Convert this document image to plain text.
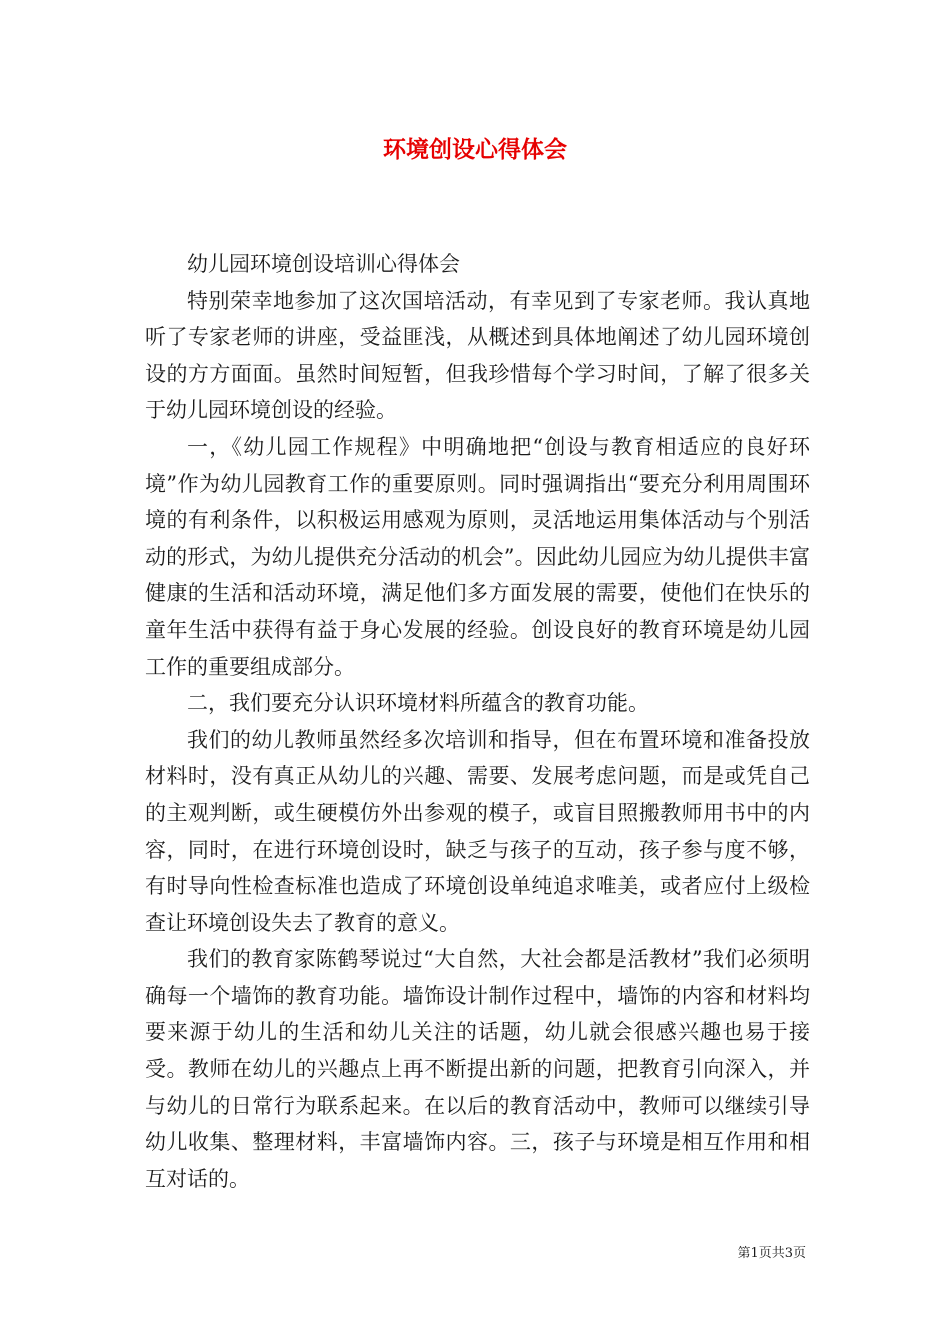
环境创设心得体会

幼儿园环境创设培训心得体会

特别荣幸地参加了这次国培活动，有幸见到了专家老师。我认真地听了专家老师的讲座，受益匪浅，从概述到具体地阐述了幼儿园环境创设的方方面面。虽然时间短暂，但我珍惜每个学习时间，了解了很多关于幼儿园环境创设的经验。

一，《幼儿园工作规程》中明确地把“创设与教育相适应的良好环境”作为幼儿园教育工作的重要原则。同时强调指出“要充分利用周围环境的有利条件，以积极运用感观为原则，灵活地运用集体活动与个别活动的形式，为幼儿提供充分活动的机会”。因此幼儿园应为幼儿提供丰富健康的生活和活动环境，满足他们多方面发展的需要，使他们在快乐的童年生活中获得有益于身心发展的经验。创设良好的教育环境是幼儿园工作的重要组成部分。

二，我们要充分认识环境材料所蕴含的教育功能。

我们的幼儿教师虽然经多次培训和指导，但在布置环境和准备投放材料时，没有真正从幼儿的兴趣、需要、发展考虑问题，而是或凭自己的主观判断，或生硬模仿外出参观的模子，或盲目照搬教师用书中的内容，同时，在进行环境创设时，缺乏与孩子的互动，孩子参与度不够，有时导向性检查标准也造成了环境创设单纯追求唯美，或者应付上级检查让环境创设失去了教育的意义。

我们的教育家陈鹤琴说过“大自然，大社会都是活教材”我们必须明确每一个墙饰的教育功能。墙饰设计制作过程中，墙饰的内容和材料均要来源于幼儿的生活和幼儿关注的话题，幼儿就会很感兴趣也易于接受。教师在幼儿的兴趣点上再不断提出新的问题，把教育引向深入，并与幼儿的日常行为联系起来。在以后的教育活动中，教师可以继续引导幼儿收集、整理材料，丰富墙饰内容。三，孩子与环境是相互作用和相互对话的。

第1页共3页
